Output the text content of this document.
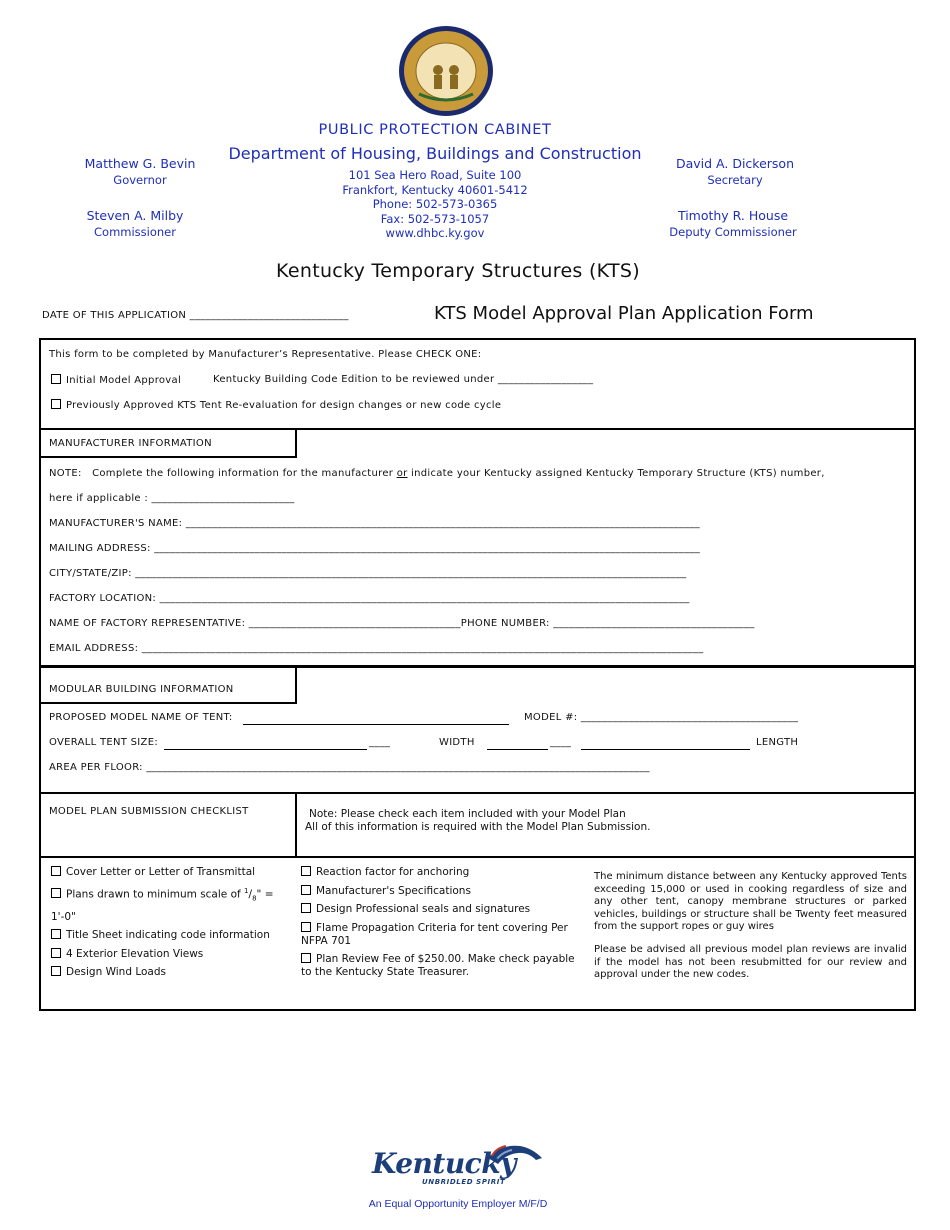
PUBLIC PROTECTION CABINET
Department of Housing, Buildings and Construction
101 Sea Hero Road, Suite 100
Frankfort, Kentucky 40601-5412
Phone: 502-573-0365
Fax: 502-573-1057
www.dhbc.ky.gov
Matthew G. Bevin
Governor
Steven A. Milby
Commissioner
David A. Dickerson
Secretary
Timothy R. House
Deputy Commissioner
Kentucky Temporary Structures (KTS)
DATE OF THIS APPLICATION ______________________________	KTS Model Approval Plan Application Form
This form to be completed by Manufacturer’s Representative. Please CHECK ONE:
Initial Model Approval	Kentucky Building Code Edition to be reviewed under __________________
Previously Approved KTS Tent Re-evaluation for design changes or new code cycle
MANUFACTURER INFORMATION
NOTE: Complete the following information for the manufacturer or indicate your Kentucky assigned Kentucky Temporary Structure (KTS) number,
here if applicable : ___________________________
MANUFACTURER'S NAME: _________________________________________________________________________________________________
MAILING ADDRESS: _______________________________________________________________________________________________________
CITY/STATE/ZIP: ________________________________________________________________________________________________________
FACTORY LOCATION: ____________________________________________________________________________________________________
NAME OF FACTORY REPRESENTATIVE: ________________________________________PHONE NUMBER: ______________________________________
EMAIL ADDRESS: __________________________________________________________________________________________________________
MODULAR BUILDING INFORMATION
PROPOSED MODEL NAME OF TENT:	MODEL #: _________________________________________
OVERALL TENT SIZE:	____	WIDTH	____	LENGTH
AREA PER FLOOR: _______________________________________________________________________________________________
MODEL PLAN SUBMISSION CHECKLIST	Note: Please check each item included with your Model Plan
All of this information is required with the Model Plan Submission.
Cover Letter or Letter of Transmittal
Plans drawn to minimum scale of $^1/_8$" = 1'-0"
Title Sheet indicating code information
4 Exterior Elevation Views
Design Wind Loads
Reaction factor for anchoring
Manufacturer's Specifications
Design Professional seals and signatures
Flame Propagation Criteria for tent covering Per NFPA 701
Plan Review Fee of $250.00. Make check payable to the Kentucky State Treasurer.
The minimum distance between any Kentucky approved Tents exceeding 15,000 or used in cooking regardless of size and any other tent, canopy membrane structures or parked vehicles, buildings or structure shall be Twenty feet measured from the support ropes or guy wires
Please be advised all previous model plan reviews are invalid if the model has not been resubmitted for our review and approval under the new codes.
Kentucky
UNBRIDLED SPIRIT
An Equal Opportunity Employer M/F/D
